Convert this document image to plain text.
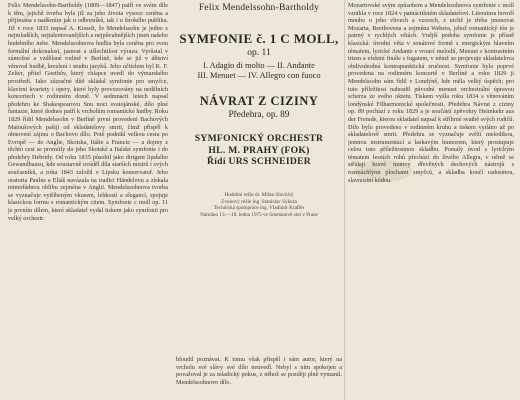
Felix Mendelssohn-Bartholdy (1809—1847) patří ve svém díle k těm, jejichž tvorba byla již za jeho života vysoce ceněna a přijímána s nadšením jak u odborníků, tak i u širokého publika. Již v roce 1833 napsal A. Kisselt, že Mendelssohn je jedno z nejmladších, nejtalentovanějších a nejpůvabnějších jmen našeho hudebního nebe. Mendelssohnova hudba byla ceněna pro svou formální dokonalost, jasnost a ušlechtilost výrazu. Vyrůstal v zámožné a vzdělané rodině v Berlíně, kde se již v dětství věnoval hudbě, kreslení i studiu jazyků. Jeho učitelem byl K. F. Zelter, přítel Goethův, který chlapce uvedl do výmarského prostředí. Jako zázračné dítě skládal symfonie pro smyčce, klavírní kvartety i opery, které byly provozovány na nedělních koncertech v rodinném domě. V sedmnácti letech napsal předehru ke Shakespearovu Snu noci svatojánské, dílo plné fantazie, které dodnes patří k vrcholům romantické hudby. Roku 1829 řídil Mendelssohn v Berlíně první provedení Bachových Matoušových pašijí od skladatelovy smrti, čímž přispěl k obnovení zájmu o Bachovo dílo. Poté podnikl velkou cestu po Evropě — do Anglie, Skotska, Itálie a Francie — a dojmy z těchto cest se promítly do jeho Skotské a Italské symfonie i do předehry Hebridy. Od roku 1835 působil jako dirigent lipského Gewandhausu, kde soustavně uváděl díla starších mistrů i svých současníků, a roku 1843 založil v Lipsku konzervatoř. Jeho oratoria Paulus a Eliáš navázala na tradici Händelovu a získala mimořádnou oblibu zejména v Anglii. Mendelssohnova tvorba se vyznačuje vytříbeným vkusem, lehkostí a elegancí, spojuje klasickou formu s romantickým citem. Symfonie c moll op. 11 je prvním dílem, které skladatel vydal tiskem jako symfonii pro velký orchestr.
Felix Mendelssohn-Bartholdy
SYMFONIE č. 1 C MOLL,
op. 11
I. Adagio di molto — II. Andante
III. Menuet — IV. Allegro con fuoco
NÁVRAT Z CIZINY
Předehra, op. 89
SYMFONICKÝ ORCHESTR
HL. M. PRAHY (FOK)
Řídí URS SCHNEIDER
Hudební režie dr. Milan Slavický
Zvukový režie ing. Stanislav Sýkora
Technická spolupráce ing. Vladimír Kraffer
Nahráno 13.—18. ledna 1975 ve Smetanově síni v Praze
bloudil poznávat. K tomu však přispěl i sám autor, který na vrcholu své slávy své dílo neuvedl. Nebyl s ním spokojen a považoval je za mladický pokus, z něhož se později plně vymanil. Mendelssohnovo dílo.
Mozartovské svým způsobem a Mendelssohnova symfonie c moll vznikla v roce 1824 v patnáctiletém skladatelovi. Literatura hovoří mnoho o jeho vlivech a vzorech, z nichž je třeba jmenovat Mozarta, Beethovena a zejména Webera, jehož romantický tón je patrný v rychlých větách. Vnější podoba symfonie je přísně klasická: úvodní věta v sonátové formě s energickým hlavním tématem, lyrické Andante s vroucí melodií, Menuet s kontrastním triem a efektní finále s fugatem, v němž se projevuje skladatelova obdivuhodná kontrapunktická zručnost. Symfonie byla poprvé provedena na rodinném koncertě v Berlíně a roku 1829 ji Mendelssohn sám řídil v Londýně, kde měla velký úspěch; pro tuto příležitost nahradil původní menuet orchestrální úpravou scherza ze svého oktetu. Tiskem vyšla roku 1834 s věnováním londýnské Filharmonické společnosti. Předehra Návrat z ciziny op. 89 pochází z roku 1829 a je součástí zpěvohry Heimkehr aus der Fremde, kterou skladatel napsal k stříbrné svatbě svých rodičů. Dílo bylo provedeno v rodinném kruhu a tiskem vydáno až po skladatelově smrti. Předehra se vyznačuje svěží melodikou, jemnou instrumentací a laskavým humorem, který prostupuje celou tuto příležitostnou skladbu. Pomalý úvod s lyrickým tématem lesních rohů přechází do živého Allegra, v němž se střídají hravé motivy dřevěných dechových nástrojů s rozmáchlými plochami smyčců, a skladba končí radostnou, slavnostní kódou.
